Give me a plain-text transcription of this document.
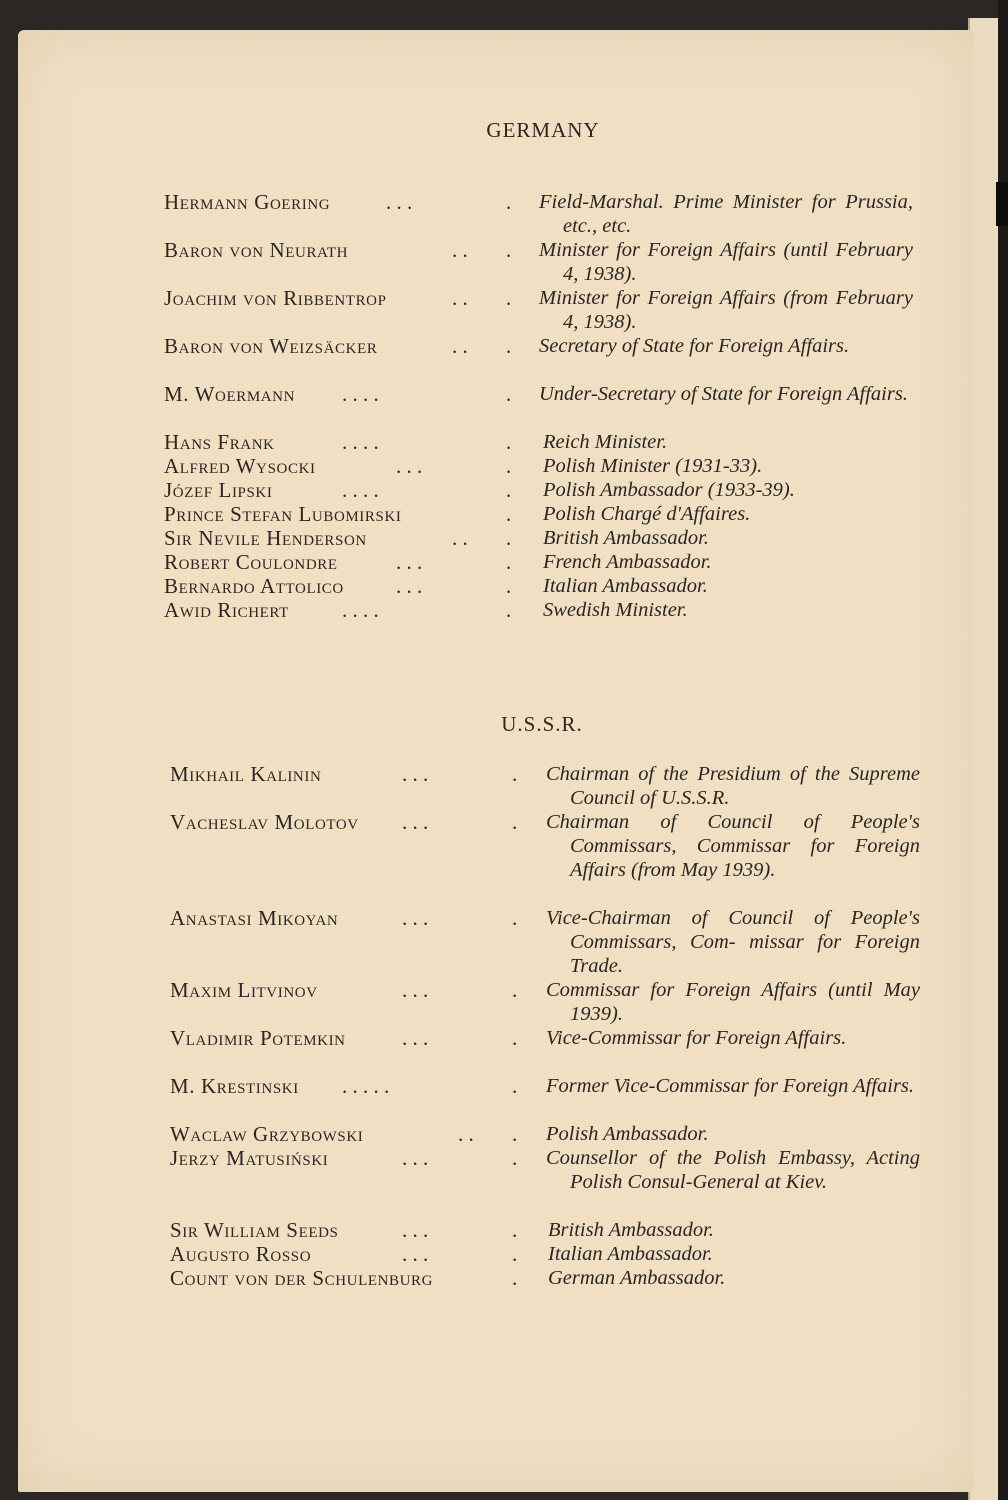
GERMANY
Hermann Goering	. . .	. Field-Marshal. Prime Minister for Prussia, etc., etc.
Baron von Neurath	. . . Minister for Foreign Affairs (until February 4, 1938).
Joachim von Ribbentrop	. . . Minister for Foreign Affairs (from February 4, 1938).
Baron von Weizsäcker	. . . Secretary of State for Foreign Affairs.
M. Woermann . . . .	. Under-Secretary of State for Foreign Affairs.
Hans Frank	. . . .	. Reich Minister.
Alfred Wysocki	. . .	. Polish Minister (1931-33).
Józef Lipski	. . . .	. Polish Ambassador (1933-39).
Prince Stefan Lubomirski	. Polish Chargé d'Affaires.
Sir Nevile Henderson	. . . British Ambassador.
Robert Coulondre	. . .	. French Ambassador.
Bernardo Attolico . . .	. Italian Ambassador.
Awid Richert	. . . .	. Swedish Minister.
U.S.S.R.
Mikhail Kalinin	. . .	. Chairman of the Presidium of the Supreme Council of U.S.S.R.
Vacheslav Molotov . . .	. Chairman of Council of People's Commissars, Commissar for Foreign Affairs (from May 1939).
Anastasi Mikoyan	. . .	. Vice-Chairman of Council of People's Commissars, Com- missar for Foreign Trade.
Maxim Litvinov	. . .	. Commissar for Foreign Affairs (until May 1939).
Vladimir Potemkin	. . .	. Vice-Commissar for Foreign Affairs.
M. Krestinski . . . . .	. Former Vice-Commissar for Foreign Affairs.
Waclaw Grzybowski	. . . Polish Ambassador.
Jerzy Matusiński	. . .	. Counsellor of the Polish Embassy, Acting Polish Consul-General at Kiev.
Sir William Seeds	. . .	. British Ambassador.
Augusto Rosso	. . .	. Italian Ambassador.
Count von der Schulenburg	. German Ambassador.
